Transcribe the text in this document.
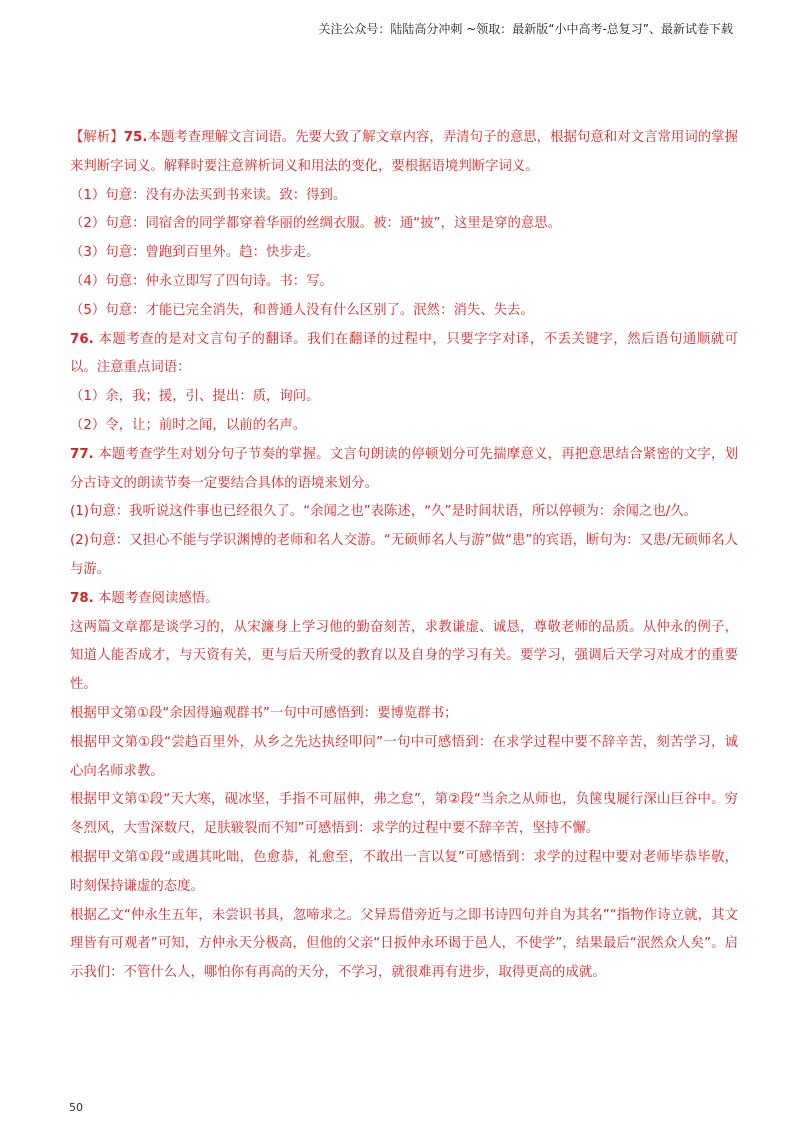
关注公众号：陆陆高分冲刺 ~领取：最新版“小中高考-总复习”、最新试卷下载

【解析】75.本题考查理解文言词语。先要大致了解文章内容，弄清句子的意思，根据句意和对文言常用词的掌握来判断字词义。解释时要注意辨析词义和用法的变化，要根据语境判断字词义。

（1）句意：没有办法买到书来读。致：得到。

（2）句意：同宿舍的同学都穿着华丽的丝绸衣服。被：通“披”，这里是穿的意思。

（3）句意：曾跑到百里外。趋：快步走。

（4）句意：仲永立即写了四句诗。书：写。

（5）句意：才能已完全消失，和普通人没有什么区别了。泯然：消失、失去。

76. 本题考查的是对文言句子的翻译。我们在翻译的过程中，只要字字对译，不丢关键字，然后语句通顺就可以。注意重点词语：

（1）余，我；援，引、提出：质，询问。

（2）令，让；前时之闻，以前的名声。

77. 本题考查学生对划分句子节奏的掌握。文言句朗读的停顿划分可先揣摩意义，再把意思结合紧密的文字，划分古诗文的朗读节奏一定要结合具体的语境来划分。

(1)句意：我听说这件事也已经很久了。“余闻之也”表陈述，“久”是时间状语，所以停顿为：余闻之也/久。

(2)句意：又担心不能与学识渊博的老师和名人交游。“无硕师名人与游”做“患”的宾语，断句为：又患/无硕师名人与游。

78. 本题考查阅读感悟。

这两篇文章都是谈学习的，从宋濂身上学习他的勤奋刻苦，求教谦虚、诚恳，尊敬老师的品质。从仲永的例子，知道人能否成才，与天资有关，更与后天所受的教育以及自身的学习有关。要学习，强调后天学习对成才的重要性。

根据甲文第①段“余因得遍观群书”一句中可感悟到：要博览群书；

根据甲文第①段“尝趋百里外，从乡之先达执经叩问”一句中可感悟到：在求学过程中要不辞辛苦，刻苦学习，诚心向名师求教。

根据甲文第①段“天大寒，砚冰坚，手指不可屈伸，弗之怠”，第②段“当余之从师也，负箧曳屣行深山巨谷中。穷冬烈风，大雪深数尺，足肤皲裂而不知”可感悟到：求学的过程中要不辞辛苦，坚持不懈。

根据甲文第①段“或遇其叱咄，色愈恭，礼愈至，不敢出一言以复”可感悟到：求学的过程中要对老师毕恭毕敬，时刻保持谦虚的态度。

根据乙文“仲永生五年，未尝识书具，忽啼求之。父异焉借旁近与之即书诗四句并自为其名”“指物作诗立就，其文理皆有可观者”可知，方仲永天分极高，但他的父亲“日扳仲永环谒于邑人，不使学”，结果最后“泯然众人矣”。启示我们：不管什么人，哪怕你有再高的天分，不学习，就很难再有进步，取得更高的成就。

50
